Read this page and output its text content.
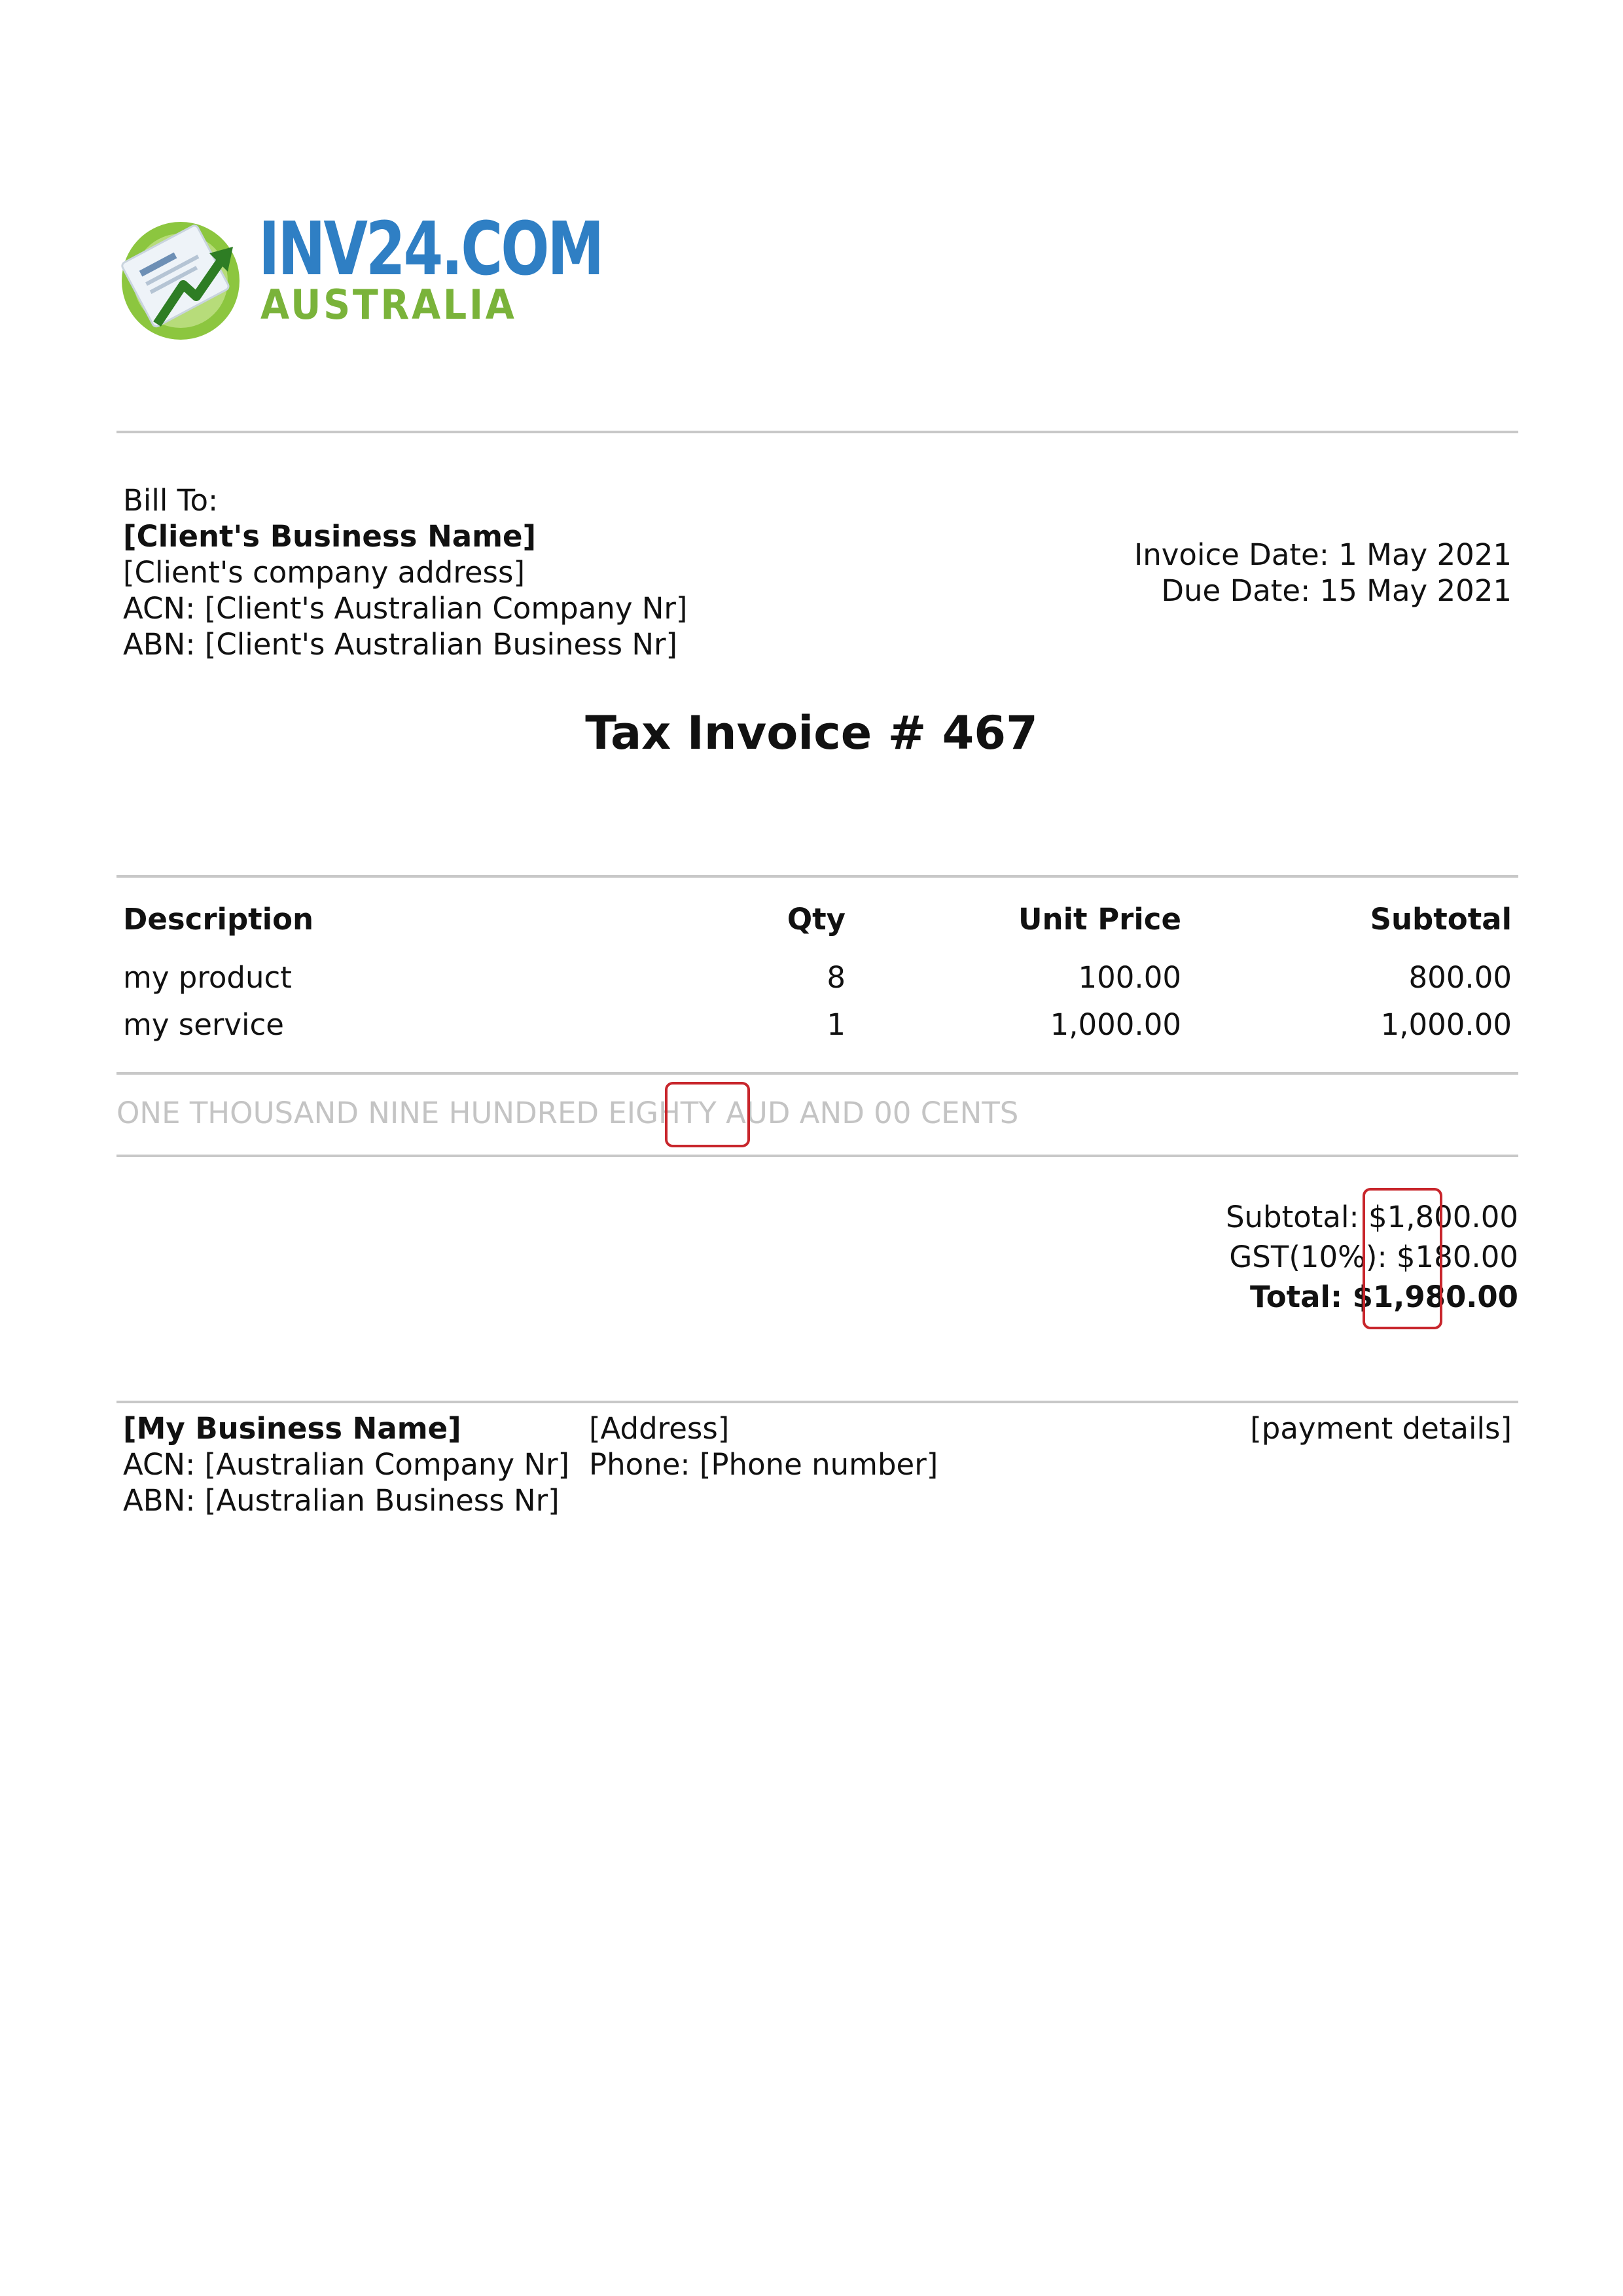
INV24.COM
AUSTRALIA
Bill To:
[Client's Business Name]
[Client's company address]
ACN: [Client's Australian Company Nr]
ABN: [Client's Australian Business Nr]
Invoice Date: 1 May 2021
Due Date: 15 May 2021
Tax Invoice # 467
Description	Qty	Unit Price	Subtotal
my product	8	100.00	800.00
my service	1	1,000.00	1,000.00
ONE THOUSAND NINE HUNDRED EIGHTY AUD AND 00 CENTS
Subtotal: $1,800.00
GST(10%): $180.00
Total: $1,980.00
[My Business Name]
ACN: [Australian Company Nr]
ABN: [Australian Business Nr]
[Address]
Phone: [Phone number]
[payment details]
